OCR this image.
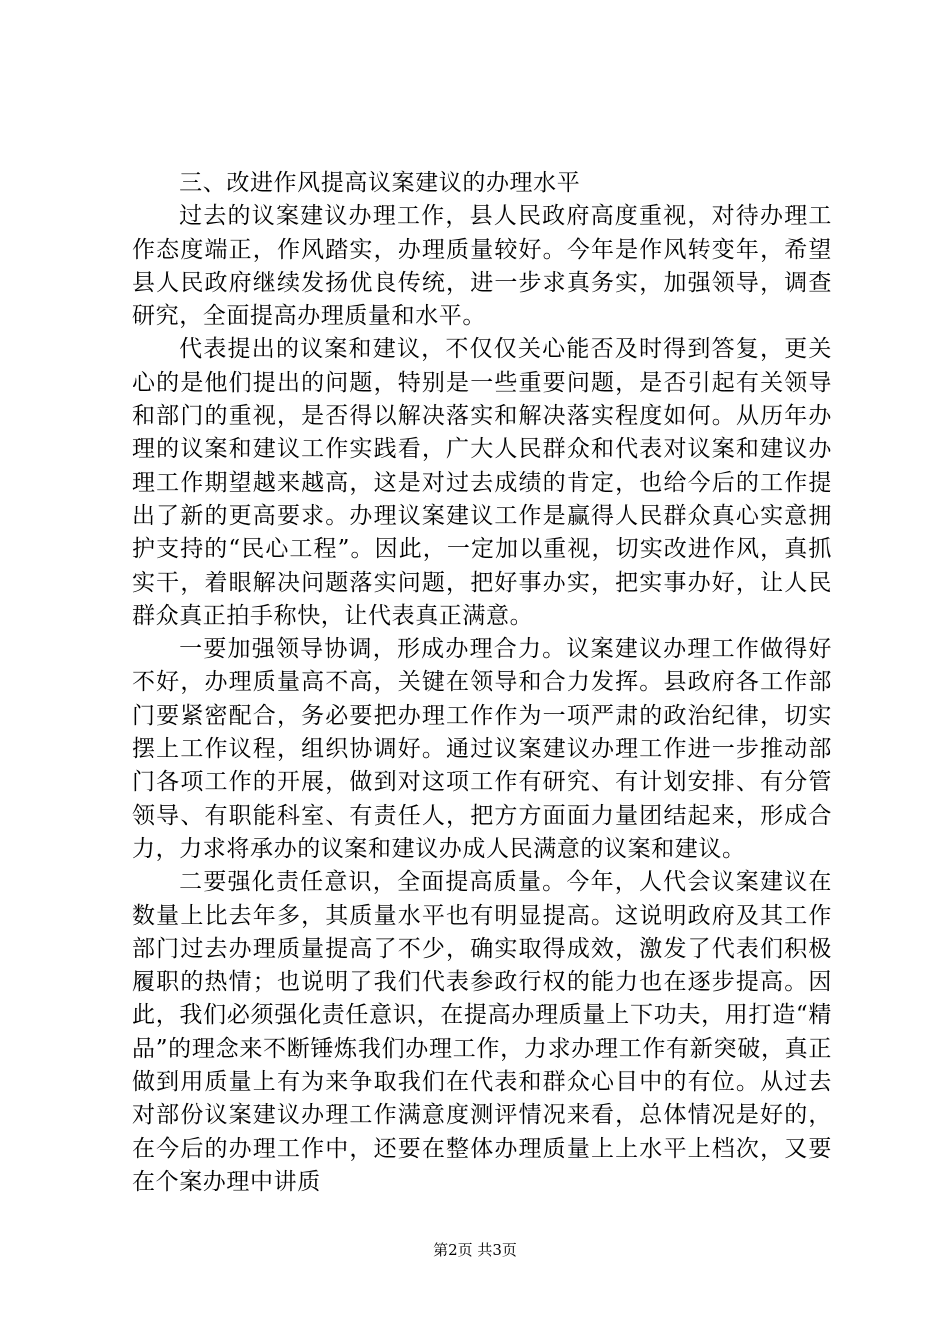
三、改进作风提高议案建议的办理水平

过去的议案建议办理工作，县人民政府高度重视，对待办理工作态度端正，作风踏实，办理质量较好。今年是作风转变年，希望县人民政府继续发扬优良传统，进一步求真务实，加强领导，调查研究，全面提高办理质量和水平。

代表提出的议案和建议，不仅仅关心能否及时得到答复，更关心的是他们提出的问题，特别是一些重要问题，是否引起有关领导和部门的重视，是否得以解决落实和解决落实程度如何。从历年办理的议案和建议工作实践看，广大人民群众和代表对议案和建议办理工作期望越来越高，这是对过去成绩的肯定，也给今后的工作提出了新的更高要求。办理议案建议工作是赢得人民群众真心实意拥护支持的“民心工程”。因此，一定加以重视，切实改进作风，真抓实干，着眼解决问题落实问题，把好事办实，把实事办好，让人民群众真正拍手称快，让代表真正满意。

一要加强领导协调，形成办理合力。议案建议办理工作做得好不好，办理质量高不高，关键在领导和合力发挥。县政府各工作部门要紧密配合，务必要把办理工作作为一项严肃的政治纪律，切实摆上工作议程，组织协调好。通过议案建议办理工作进一步推动部门各项工作的开展，做到对这项工作有研究、有计划安排、有分管领导、有职能科室、有责任人，把方方面面力量团结起来，形成合力，力求将承办的议案和建议办成人民满意的议案和建议。

二要强化责任意识，全面提高质量。今年，人代会议案建议在数量上比去年多，其质量水平也有明显提高。这说明政府及其工作部门过去办理质量提高了不少，确实取得成效，激发了代表们积极履职的热情；也说明了我们代表参政行权的能力也在逐步提高。因此，我们必须强化责任意识，在提高办理质量上下功夫，用打造“精品”的理念来不断锤炼我们办理工作，力求办理工作有新突破，真正做到用质量上有为来争取我们在代表和群众心目中的有位。从过去对部份议案建议办理工作满意度测评情况来看，总体情况是好的，在今后的办理工作中，还要在整体办理质量上上水平上档次，又要在个案办理中讲质

第2页 共3页
